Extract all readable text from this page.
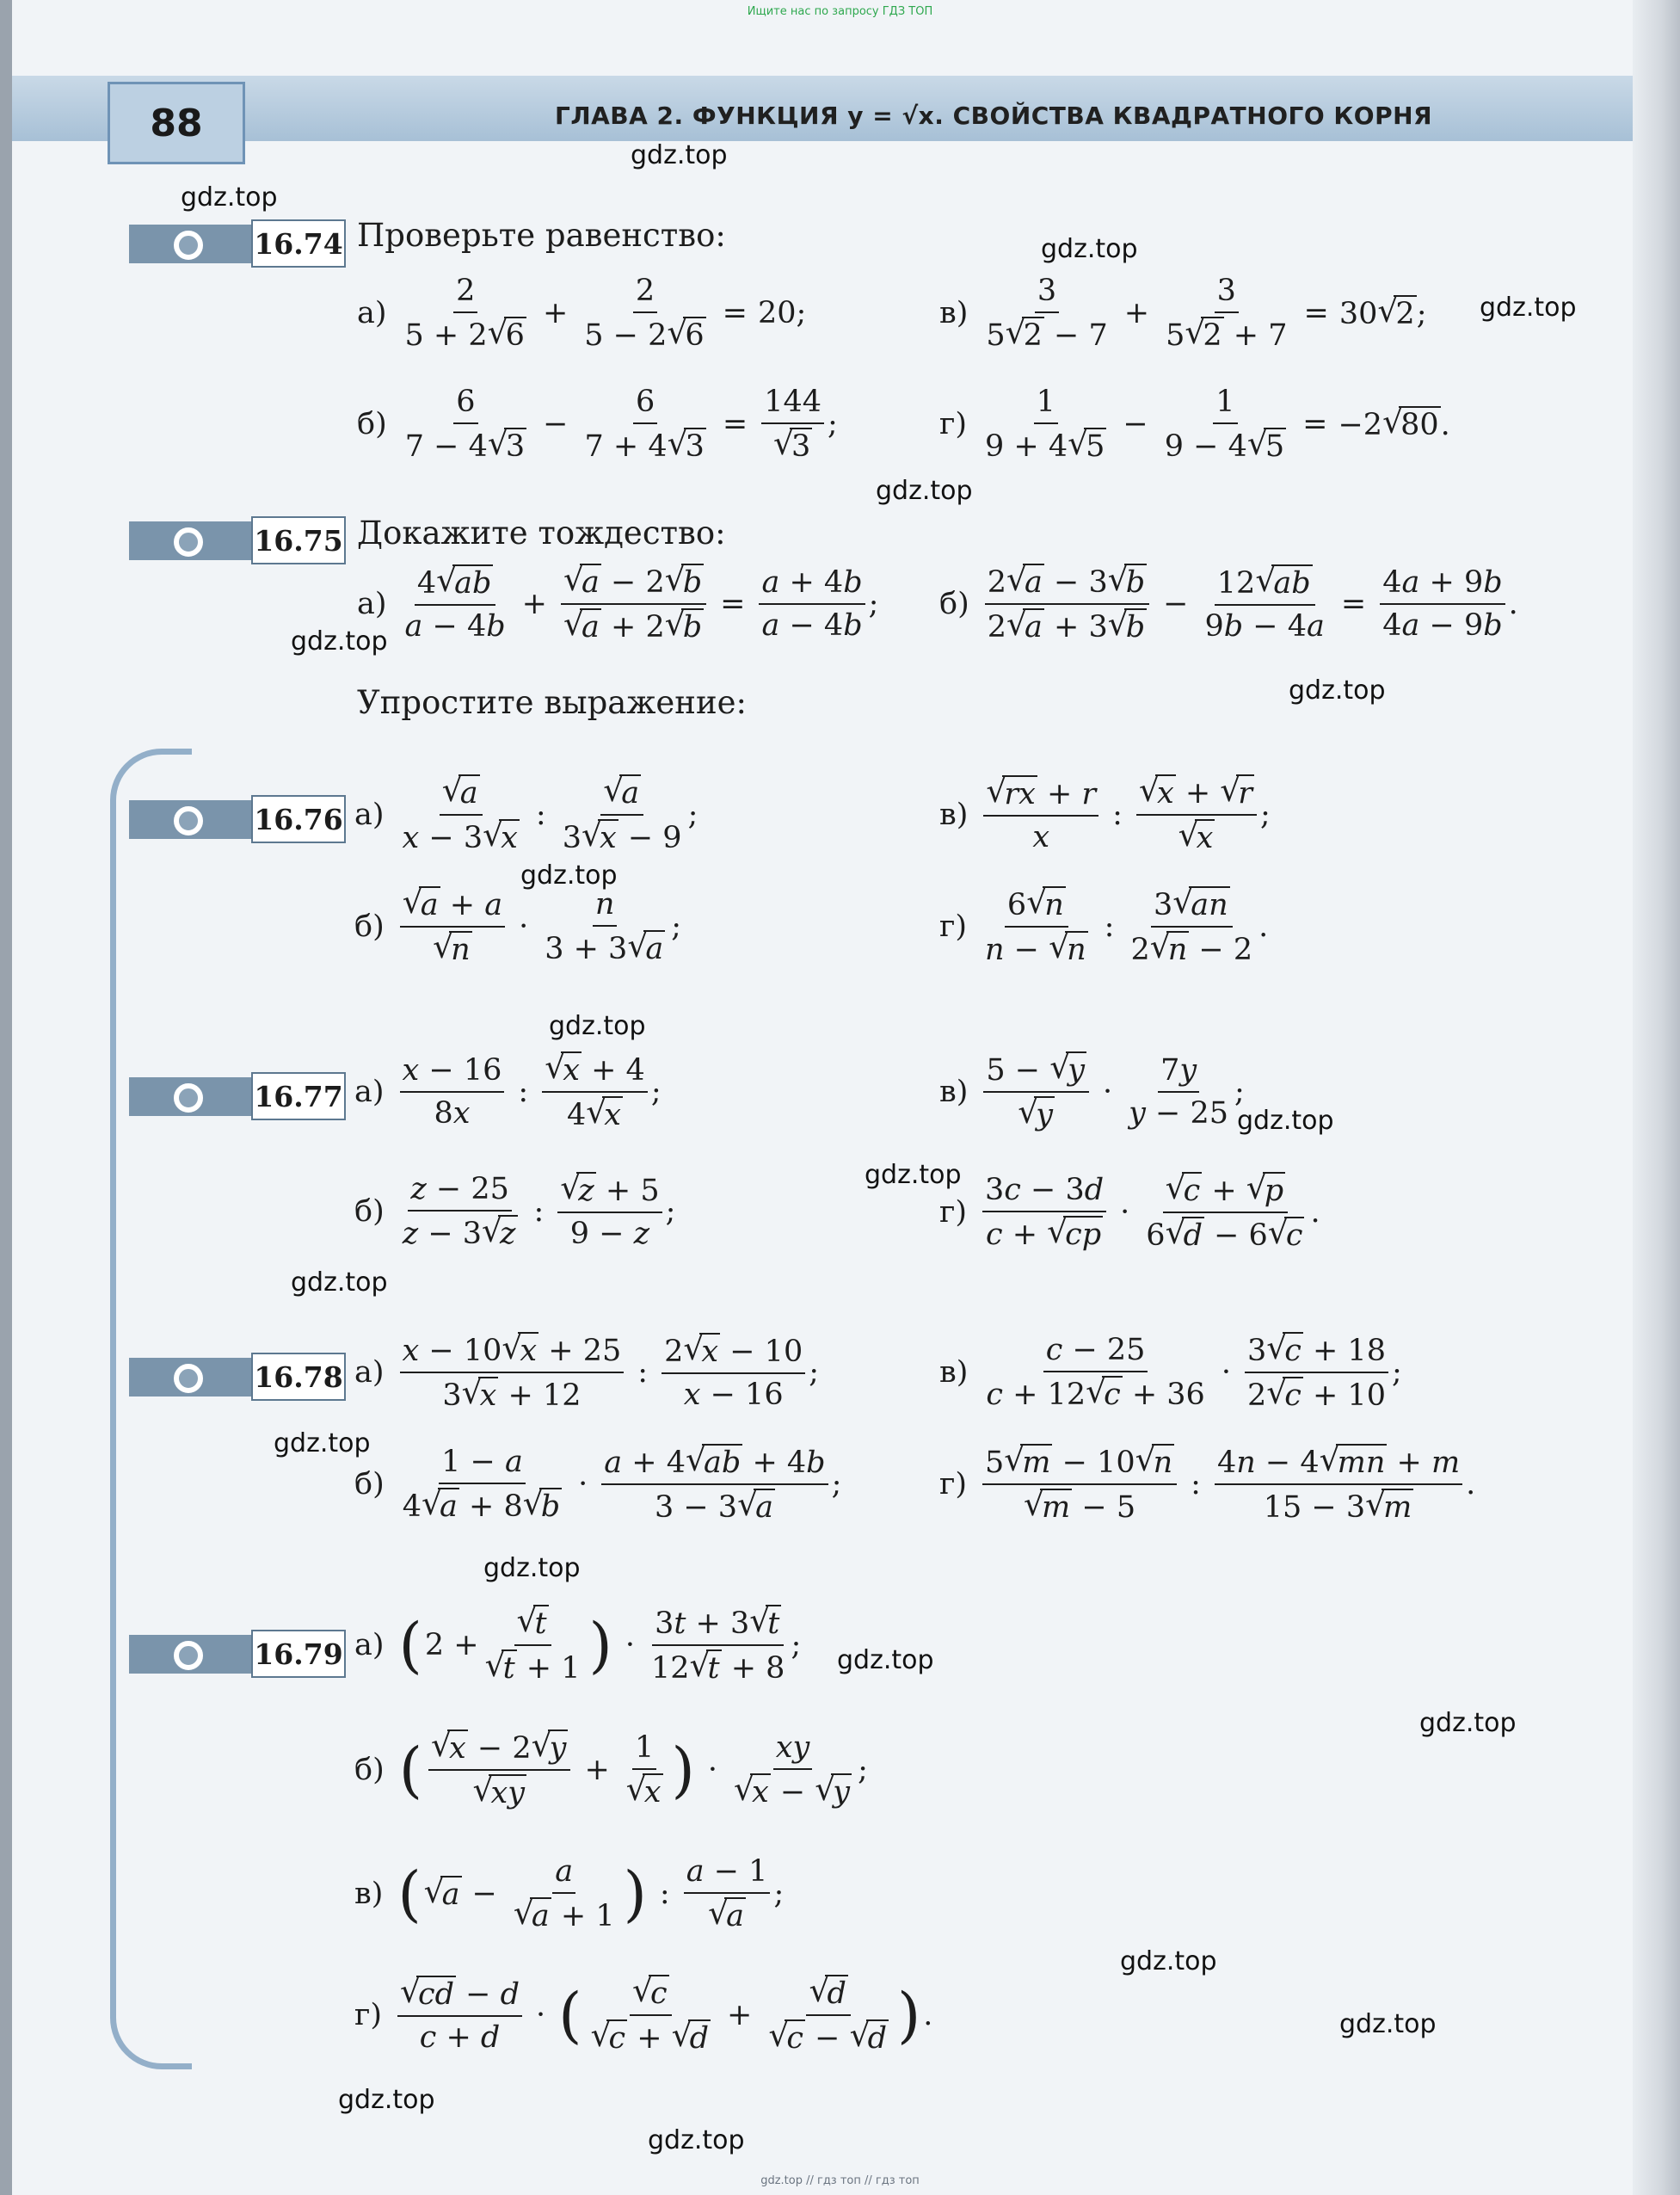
Ищите нас по запросу ГДЗ ТОП
88	ГЛАВА 2. ФУНКЦИЯ y = √x. СВОЙСТВА КВАДРАТНОГО КОРНЯ
gdz.top
gdz.top
gdz.top
gdz.top
gdz.top
gdz.top
gdz.top
gdz.top
gdz.top
gdz.top
gdz.top
gdz.top
gdz.top
gdz.top
gdz.top
gdz.top
gdz.top
gdz.top
gdz.top
gdz.top
16.74 Проверьте равенство:
$а) \frac{2}{5 + 2√ 6} + \frac{2}{5 - 2√ 6} = 20$;	$в) \frac{3}{5√ 2 - 7} + \frac{3}{5√ 2 + 7} = 30√$ 2;
$б) \frac{6}{7 - 4√ 3} - \frac{6}{7 + 4√ 3} = 144$
√ 3 ;	$г) \frac{1}{9 + 4√ 5} - \frac{1}{9 - 4√ 5} = -2√$ 80.
16.75 Докажите тождество:
$а) \frac{4√ ab}{a - 4b}$ +
√ a − 2√ b
√ a + 2√ $b = \frac{a + 4b}{a - 4b}$ ; $б) \frac{2√ a - 3√ b}{2√ a + 3√ b} - \frac{12√ ab}{9b - 4a} = \frac{4a + 9b}{4a - 9b}$ .
Упростите выражение:
16.76 а)
√ $\frac{a}{x - 3√ x}$ :
√ $\frac{a}{3√ x - 9}$ ;	в)
√ $\frac{rx + r}{x}$ :
√ x + √ r
√ x ;
б)
√ a + a
√ $n \cdot \frac{n}{3 + 3√ a}$ ;	$г) \frac{6√ n}{n - √ n}$ : $\frac{3√ an}{2√ n - 2}$ .
16.77 $а) \frac{x - 16}{8x}$ :
√ $\frac{x + 4}{4√ x}$ ;	в) 5 − √ y
√ $y \cdot \frac{7y}{y - 25}$ ;
$б) \frac{z - 25}{z - 3√ z}$ :
√ $\frac{z + 5}{9 - z}$ ;	$г) \frac{3c - 3d}{c + √ cp}$ ·
√ $\frac{c + √ p}{6√ d - 6√ c}$ .
16.78 $а) \frac{x - 10√ x + 25}{3√ x + 12}$ : $\frac{2√ x - 10}{x - 16}$ ;	$в) \frac{c - 25}{c + 12√ c + 36} \cdot \frac{3√ c + 18}{2√ c + 10}$ ;
$б) \frac{1 - a}{4√ a + 8√ b} \cdot \frac{a + 4√ ab + 4b}{3 - 3√ a}$ ;	г) 5√ m − 10√ n
√ m − 5 : $\frac{4n - 4√ mn + m}{15 - 3√ m}$ .
16.79 а) ( 2 +
√ t
√ t + 1 ) · $\frac{3t + 3√ t}{12√ t + 8}$ ;
б) (
√ x − 2√ y
√ xy + 1
√ x ) · xy
√ x − √ y ;
в) (
√ a − a
√ a + 1 ) : a − 1
√ a ;
г)
√ $\frac{cd - d}{c + d}$ · (
√ c
√ c + √ d +
√ d
√ c − √ d ) .
gdz.top // гдз топ // гдз топ
